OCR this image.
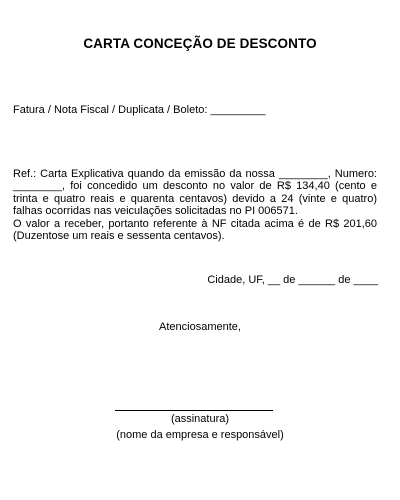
CARTA CONCEÇÃO DE DESCONTO
Fatura / Nota Fiscal / Duplicata / Boleto: _________

Ref.: Carta Explicativa quando da emissão da nossa ________, Numero: ________, foi concedido um desconto no valor de R$ 134,40 (cento e trinta e quatro reais e quarenta centavos) devido a 24 (vinte e quatro) falhas ocorridas nas veiculações solicitadas no PI 006571.

O valor a receber, portanto referente à NF citada acima é de R$ 201,60 (Duzentose um reais e sessenta centavos).

Cidade, UF, __ de ______ de ____
Atenciosamente,
(assinatura)
(nome da empresa e responsável)
